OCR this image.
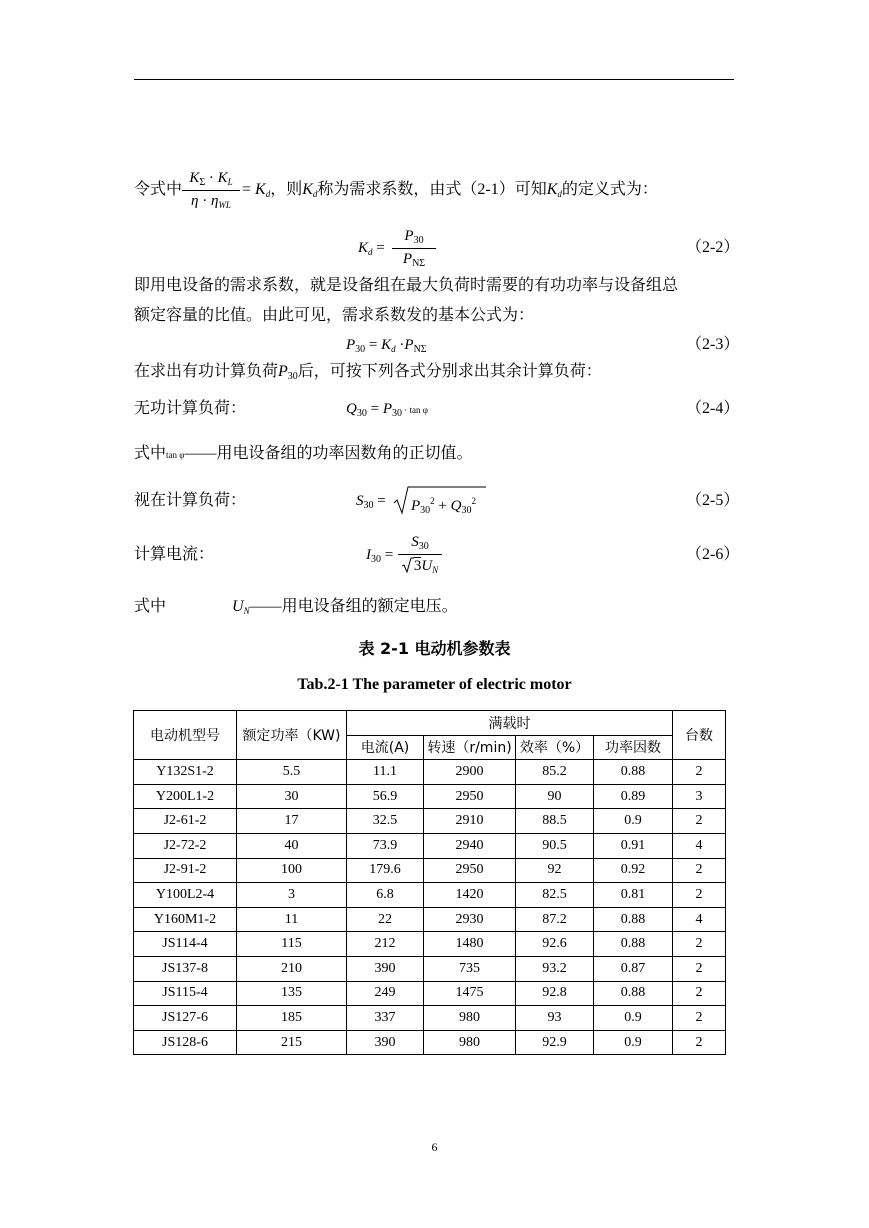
令式中
$K_\Sigma \cdot K_L$
$\eta \cdot \eta_{WL}$
= $K_d$，则$K_d$称为需求系数，由式（2-1）可知$K_d$的定义式为：
$K_d$ =
$P_{30}$
$P_{N\Sigma}$
（2-2）
即用电设备的需求系数，就是设备组在最大负荷时需要的有功功率与设备组总
额定容量的比值。由此可见，需求系数发的基本公式为：
$P_{30} = K_d \cdot P_{N\Sigma}$	（2-3）
在求出有功计算负荷P30后，可按下列各式分别求出其余计算负荷：
无功计算负荷：	$Q_{30} = P_{30} \cdot \tan \varphi$	（2-4）
式中tan φ——用电设备组的功率因数角的正切值。
视在计算负荷：	$S_{30} = P_{30}^2 + Q_{30}^2$	（2-5）
计算电流：	$I_{30}$ =
$S_{30}$
$3U_N$
（2-6）
式中	$U_N——$用电设备组的额定电压。
表 2-1 电动机参数表
Tab.2-1 The parameter of electric motor
电动机型号	额定功率（KW)	满载时				台数
		电流(A)	转速（r/min)	效率（%）	功率因数	
Y132S1-2	5.5	11.1	2900	85.2	0.88	2
Y200L1-2	30	56.9	2950	90	0.89	3
J2-61-2	17	32.5	2910	88.5	0.9	2
J2-72-2	40	73.9	2940	90.5	0.91	4
J2-91-2	100	179.6	2950	92	0.92	2
Y100L2-4	3	6.8	1420	82.5	0.81	2
Y160M1-2	11	22	2930	87.2	0.88	4
JS114-4	115	212	1480	92.6	0.88	2
JS137-8	210	390	735	93.2	0.87	2
JS115-4	135	249	1475	92.8	0.88	2
JS127-6	185	337	980	93	0.9	2
JS128-6	215	390	980	92.9	0.9	2
6
